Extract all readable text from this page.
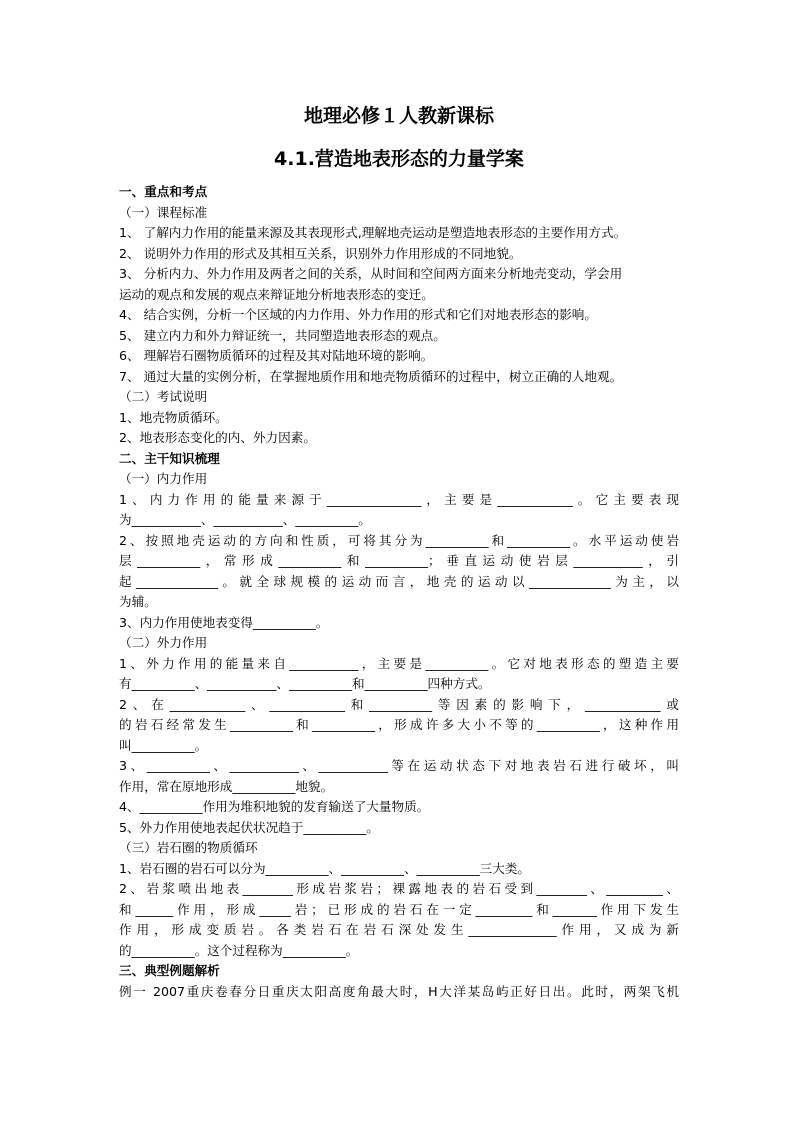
地理必修１人教新课标
4.1.营造地表形态的力量学案
一、重点和考点
（一）课程标准
1、 了解内力作用的能量来源及其表现形式,理解地壳运动是塑造地表形态的主要作用方式。
2、 说明外力作用的形式及其相互关系，识别外力作用形成的不同地貌。
3、 分析内力、外力作用及两者之间的关系，从时间和空间两方面来分析地壳变动，学会用
运动的观点和发展的观点来辩证地分析地表形态的变迁。
4、 结合实例，分析一个区域的内力作用、外力作用的形式和它们对地表形态的影响。
5、 建立内力和外力辩证统一，共同塑造地表形态的观点。
6、 理解岩石圈物质循环的过程及其对陆地环境的影响。
7、 通过大量的实例分析，在掌握地质作用和地壳物质循环的过程中，树立正确的人地观。
（二）考试说明
1、地壳物质循环。
2、地表形态变化的内、外力因素。
二、主干知识梳理
（一）内力作用
1、内力作用的能量来源于_______________，主要是____________。它主要表现
为___________、___________、__________。
2、按照地壳运动的方向和性质，可将其分为__________和__________。水平运动使岩
层__________，常形成__________和__________；垂直运动使岩层___________，引
起_____________。就全球规模的运动而言，地壳的运动以_____________为主，以
为辅。
3、内力作用使地表变得__________。
（二）外力作用
1、外力作用的能量来自___________，主要是__________。它对地表形态的塑造主要
有__________、___________、__________和__________四种方式。
2、在____________、____________和__________等因素的影响下，____________或
的岩石经常发生__________和__________，形成许多大小不等的__________，这种作用
叫__________。
3、__________、___________、___________等在运动状态下对地表岩石进行破坏，叫
作用，常在原地形成__________地貌。
4、__________作用为堆积地貌的发育输送了大量物质。
5、外力作用使地表起伏状况趋于__________。
（三）岩石圈的物质循环
1、岩石圈的岩石可以分为__________、__________、__________三大类。
2、岩浆喷出地表________形成岩浆岩；裸露地表的岩石受到________、_________、
和______作用，形成_____岩；已形成的岩石在一定_________和_______作用下发生
作用，形成变质岩。各类岩石在岩石深处发生______________作用，又成为新
的__________。这个过程称为__________。
三、典型例题解析
例一 2007重庆卷春分日重庆太阳高度角最大时，H大洋某岛屿正好日出。此时，两架飞机
